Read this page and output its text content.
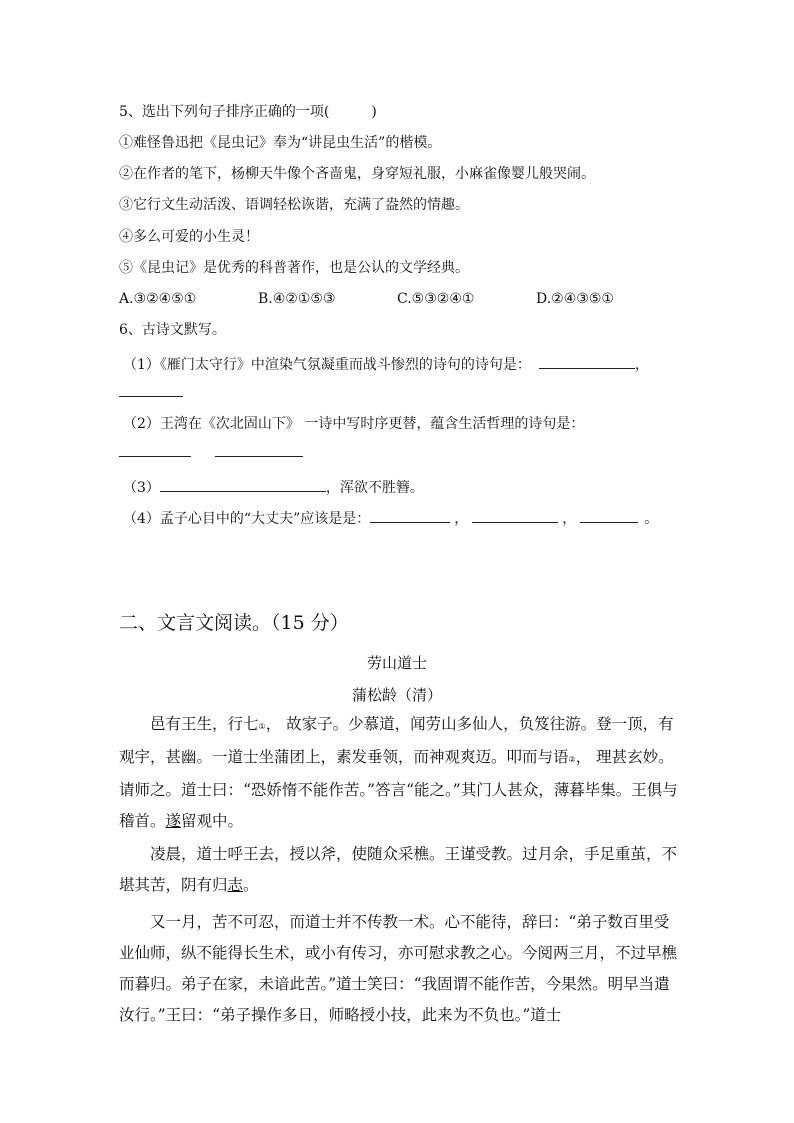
5、选出下列句子排序正确的一项(　　　)
①难怪鲁迅把《昆虫记》奉为“讲昆虫生活”的楷模。
②在作者的笔下，杨柳天牛像个吝啬鬼，身穿短礼服，小麻雀像婴儿般哭闹。
③它行文生动活泼、语调轻松诙谐，充满了盎然的情趣。
④多么可爱的小生灵！
⑤《昆虫记》是优秀的科普著作，也是公认的文学经典。
A.③②④⑤①	B.④②①⑤③	C.⑤③②④①	D.②④③⑤①
6、古诗文默写。
（1）《雁门太守行》中渲染气氛凝重而战斗惨烈的诗句的诗句是：	，
（2）王湾在《次北固山下》 一诗中写时序更替，蕴含生活哲理的诗句是：
（3）	，浑欲不胜簪。
（4）孟子心目中的“大丈夫”应该是是：	，	，	。
二、文言文阅读。（15 分）
劳山道士
蒲松龄（清）

邑有王生，行七①， 故家子。少慕道，闻劳山多仙人，负笈往游。登一顶，有观宇，甚幽。一道士坐蒲团上，素发垂领，而神观爽迈。叩而与语②， 理甚玄妙。请师之。道士曰：“恐娇惰不能作苦。”答言“能之。”其门人甚众，薄暮毕集。王俱与稽首。遂留观中。

凌晨，道士呼王去，授以斧，使随众采樵。王谨受教。过月余，手足重茧，不堪其苦，阴有归志。

又一月，苦不可忍，而道士并不传教一术。心不能待，辞曰：“弟子数百里受业仙师，纵不能得长生术，或小有传习，亦可慰求教之心。今阅两三月，不过早樵而暮归。弟子在家，未谙此苦。”道士笑曰：“我固谓不能作苦，今果然。明早当遣汝行。”王曰：“弟子操作多日，师略授小技，此来为不负也。”道士
